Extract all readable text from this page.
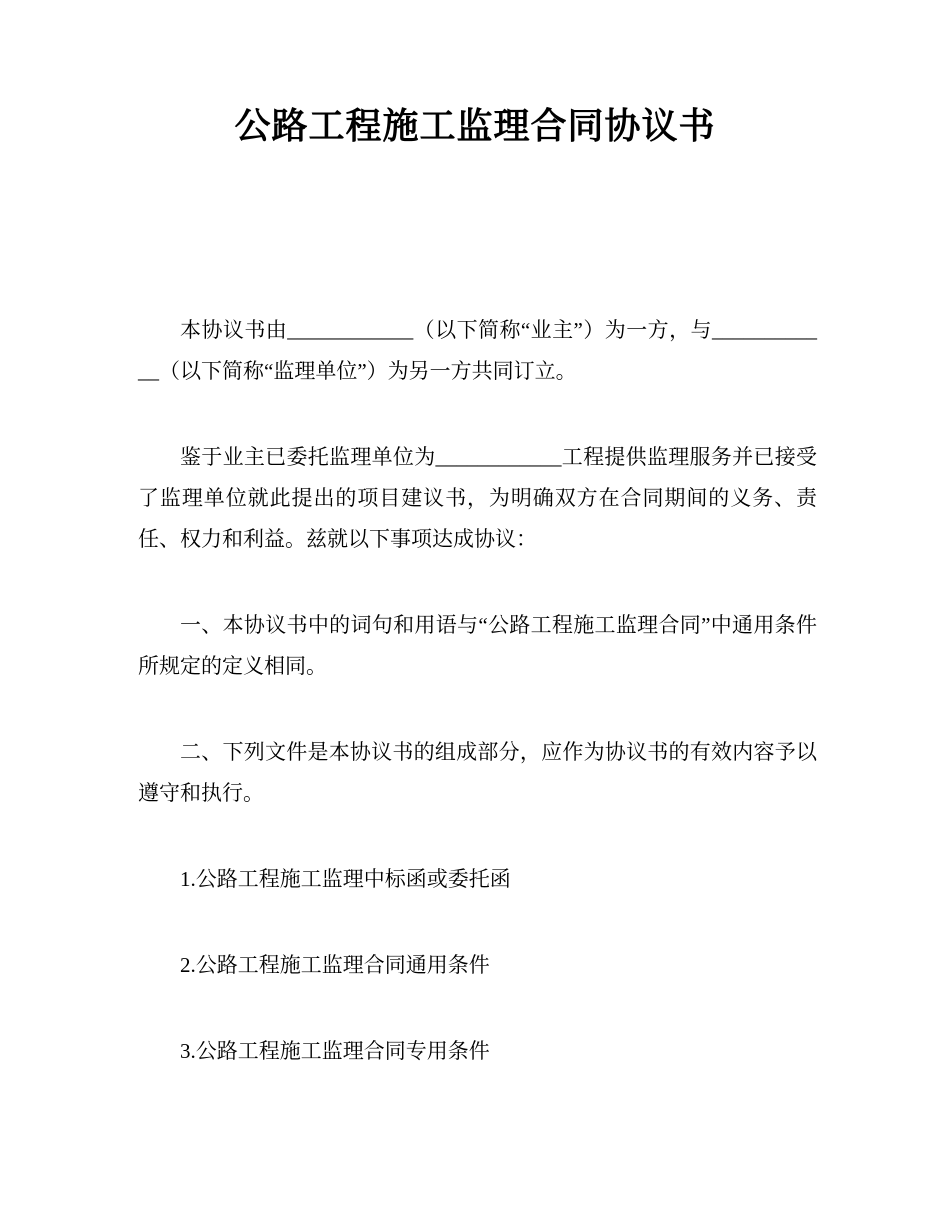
公路工程施工监理合同协议书

本协议书由____________（以下简称“业主”）为一方，与____________（以下简称“监理单位”）为另一方共同订立。

鉴于业主已委托监理单位为____________工程提供监理服务并已接受了监理单位就此提出的项目建议书，为明确双方在合同期间的义务、责任、权力和利益。兹就以下事项达成协议：

一、本协议书中的词句和用语与“公路工程施工监理合同”中通用条件所规定的定义相同。

二、下列文件是本协议书的组成部分，应作为协议书的有效内容予以遵守和执行。

1.公路工程施工监理中标函或委托函

2.公路工程施工监理合同通用条件

3.公路工程施工监理合同专用条件
